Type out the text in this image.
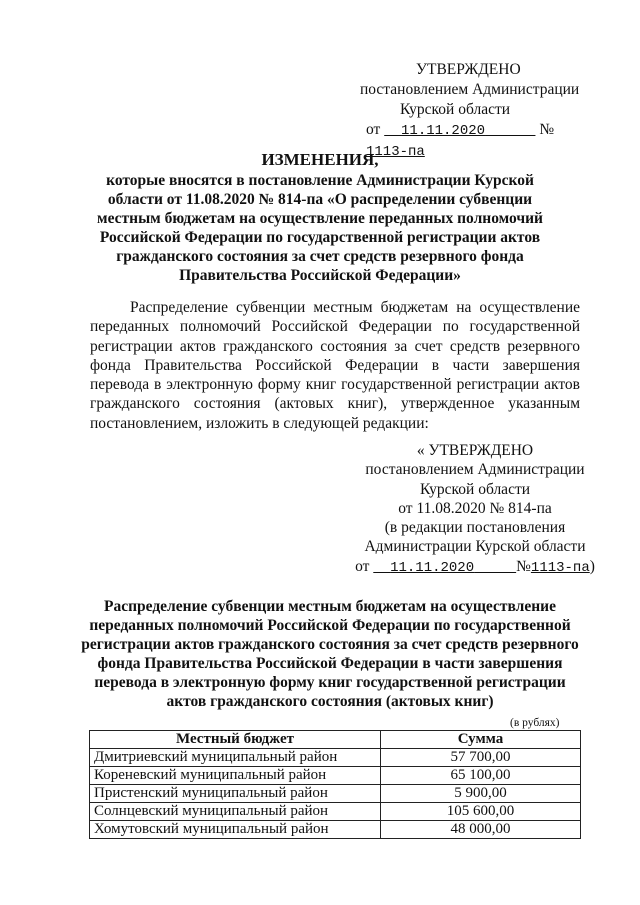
УТВЕРЖДЕНО
постановлением Администрации
Курской области
от 11.11.2020	№ 1113-па
ИЗМЕНЕНИЯ,
которые вносятся в постановление Администрации Курской области от 11.08.2020 № 814-па «О распределении субвенции местным бюджетам на осуществление переданных полномочий Российской Федерации по государственной регистрации актов гражданского состояния за счет средств резервного фонда Правительства Российской Федерации»
Распределение субвенции местным бюджетам на осуществление переданных полномочий Российской Федерации по государственной регистрации актов гражданского состояния за счет средств резервного фонда Правительства Российской Федерации в части завершения перевода в электронную форму книг государственной регистрации актов гражданского состояния (актовых книг), утвержденное указанным постановлением, изложить в следующей редакции:
« УТВЕРЖДЕНО
постановлением Администрации
Курской области
от 11.08.2020 № 814-па
(в редакции постановления
Администрации Курской области
от 11.11.2020	№1113-па)
Распределение субвенции местным бюджетам на осуществление переданных полномочий Российской Федерации по государственной регистрации актов гражданского состояния за счет средств резервного фонда Правительства Российской Федерации в части завершения перевода в электронную форму книг государственной регистрации актов гражданского состояния (актовых книг)
(в рублях)
Местный бюджет	Сумма
Дмитриевский муниципальный район	57 700,00
Кореневский муниципальный район	65 100,00
Пристенский муниципальный район	5 900,00
Солнцевский муниципальный район	105 600,00
Хомутовский муниципальный район	48 000,00
